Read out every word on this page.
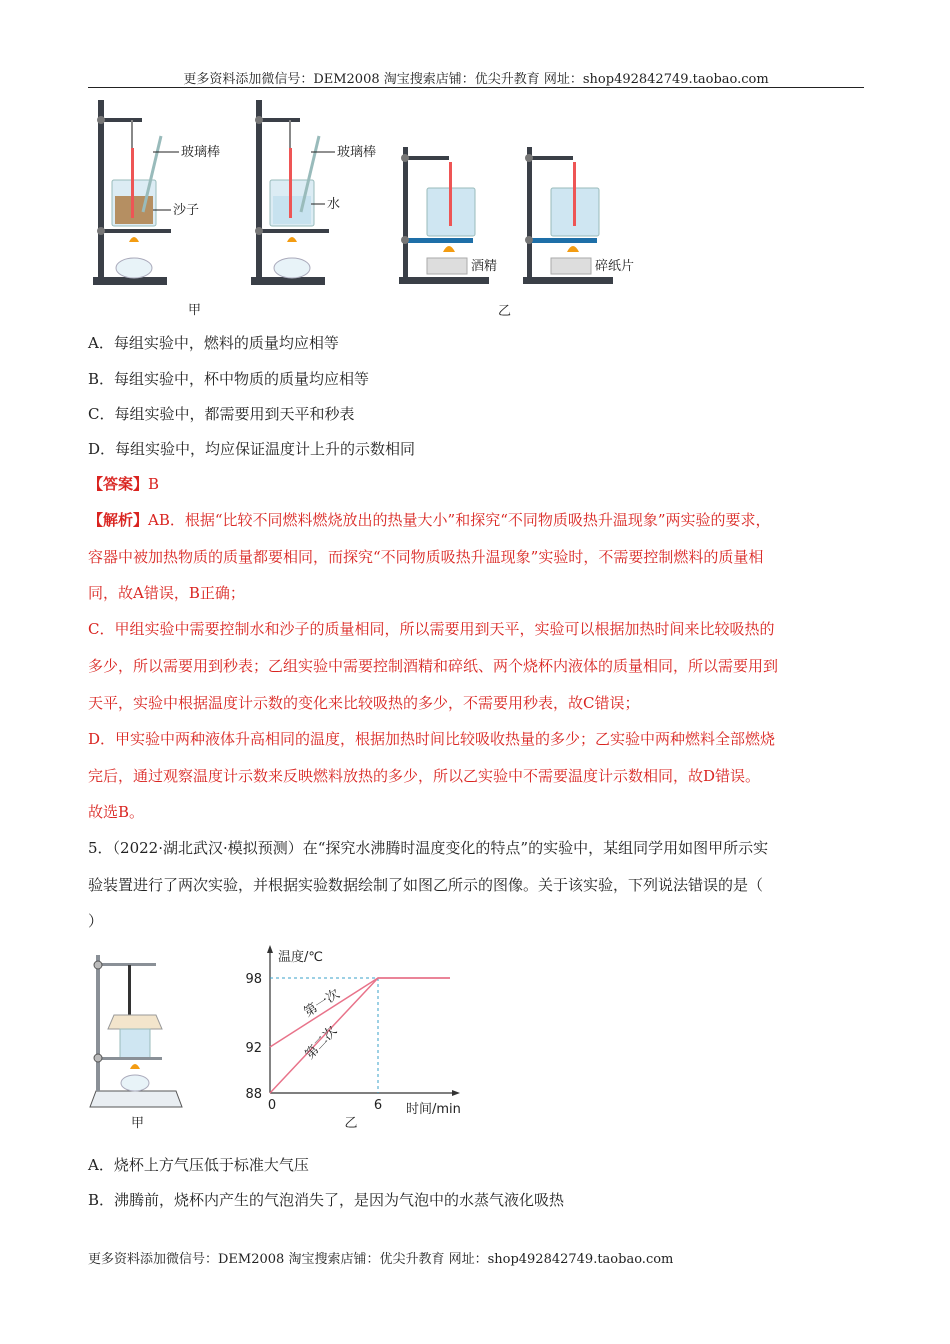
更多资料添加微信号：DEM2008 淘宝搜索店铺：优尖升教育 网址：shop492842749.taobao.com
玻璃棒
沙子
玻璃棒
水
酒精	碎纸片
甲	乙
A．每组实验中，燃料的质量均应相等
B．每组实验中，杯中物质的质量均应相等
C．每组实验中，都需要用到天平和秒表
D．每组实验中，均应保证温度计上升的示数相同
【答案】B
【解析】AB．根据“比较不同燃料燃烧放出的热量大小”和探究“不同物质吸热升温现象”两实验的要求，
容器中被加热物质的质量都要相同，而探究“不同物质吸热升温现象”实验时，不需要控制燃料的质量相
同，故A错误，B正确；
C．甲组实验中需要控制水和沙子的质量相同，所以需要用到天平，实验可以根据加热时间来比较吸热的
多少，所以需要用到秒表；乙组实验中需要控制酒精和碎纸、两个烧杯内液体的质量相同，所以需要用到
天平，实验中根据温度计示数的变化来比较吸热的多少，不需要用秒表，故C错误；
D．甲实验中两种液体升高相同的温度，根据加热时间比较吸收热量的多少；乙实验中两种燃料全部燃烧
完后，通过观察温度计示数来反映燃料放热的多少，所以乙实验中不需要温度计示数相同，故D错误。
故选B。
5．（2022·湖北武汉·模拟预测）在“探究水沸腾时温度变化的特点”的实验中，某组同学用如图甲所示实
验装置进行了两次实验，并根据实验数据绘制了如图乙所示的图像。关于该实验，下列说法错误的是（
）
甲
温度/℃
时间/min
88
92
98
0	6
第一次
第二次
乙
A．烧杯上方气压低于标准大气压
B．沸腾前，烧杯内产生的气泡消失了，是因为气泡中的水蒸气液化吸热
更多资料添加微信号：DEM2008 淘宝搜索店铺：优尖升教育 网址：shop492842749.taobao.com
